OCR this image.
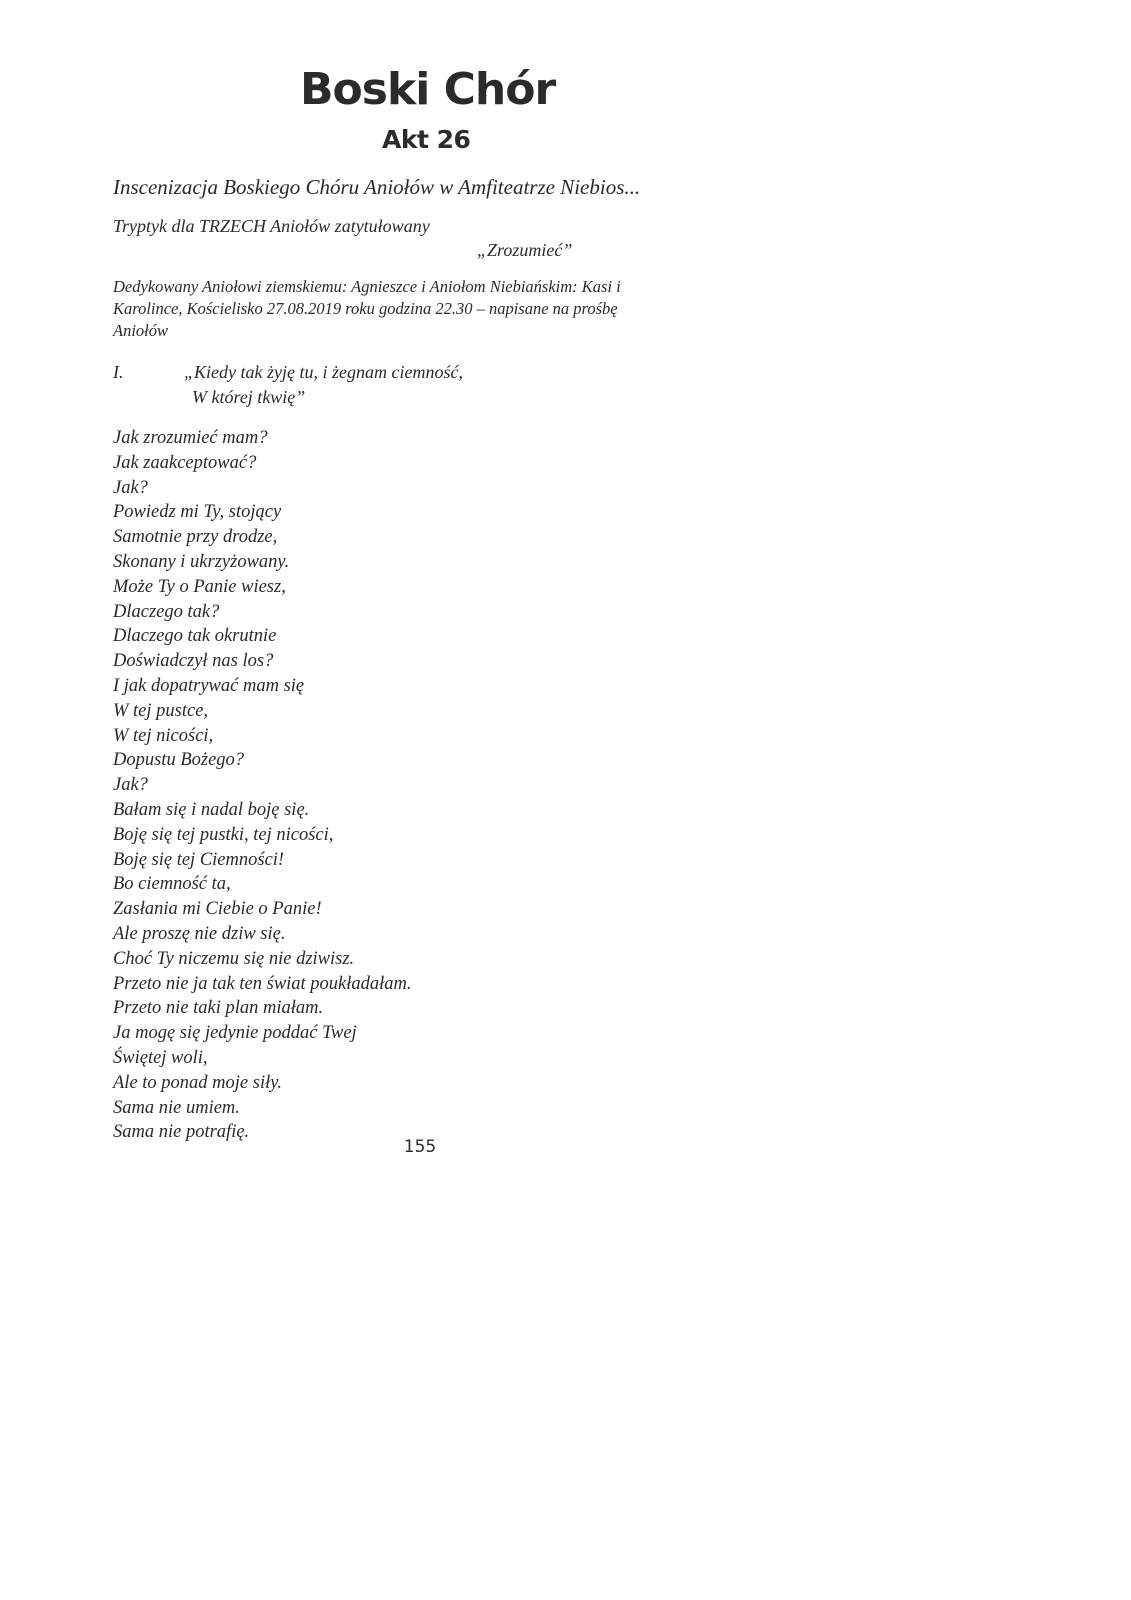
Boski Chór
Akt 26

Inscenizacja Boskiego Chóru Aniołów w Amfiteatrze Niebios...

Tryptyk dla TRZECH Aniołów zatytułowany

„Zrozumieć”

Dedykowany Aniołowi ziemskiemu: Agnieszce i Aniołom Niebiańskim: Kasi i
Karolince, Kościelisko 27.08.2019 roku godzina 22.30 – napisane na prośbę
Aniołów

I.	„Kiedy tak żyję tu, i żegnam ciemność,

W której tkwię”

Jak zrozumieć mam?
Jak zaakceptować?
Jak?
Powiedz mi Ty, stojący
Samotnie przy drodze,
Skonany i ukrzyżowany.
Może Ty o Panie wiesz,
Dlaczego tak?
Dlaczego tak okrutnie
Doświadczył nas los?
I jak dopatrywać mam się
W tej pustce,
W tej nicości,
Dopustu Bożego?
Jak?
Bałam się i nadal boję się.
Boję się tej pustki, tej nicości,
Boję się tej Ciemności!
Bo ciemność ta,
Zasłania mi Ciebie o Panie!
Ale proszę nie dziw się.
Choć Ty niczemu się nie dziwisz.
Przeto nie ja tak ten świat poukładałam.
Przeto nie taki plan miałam.
Ja mogę się jedynie poddać Twej
Świętej woli,
Ale to ponad moje siły.
Sama nie umiem.
Sama nie potrafię.
155
